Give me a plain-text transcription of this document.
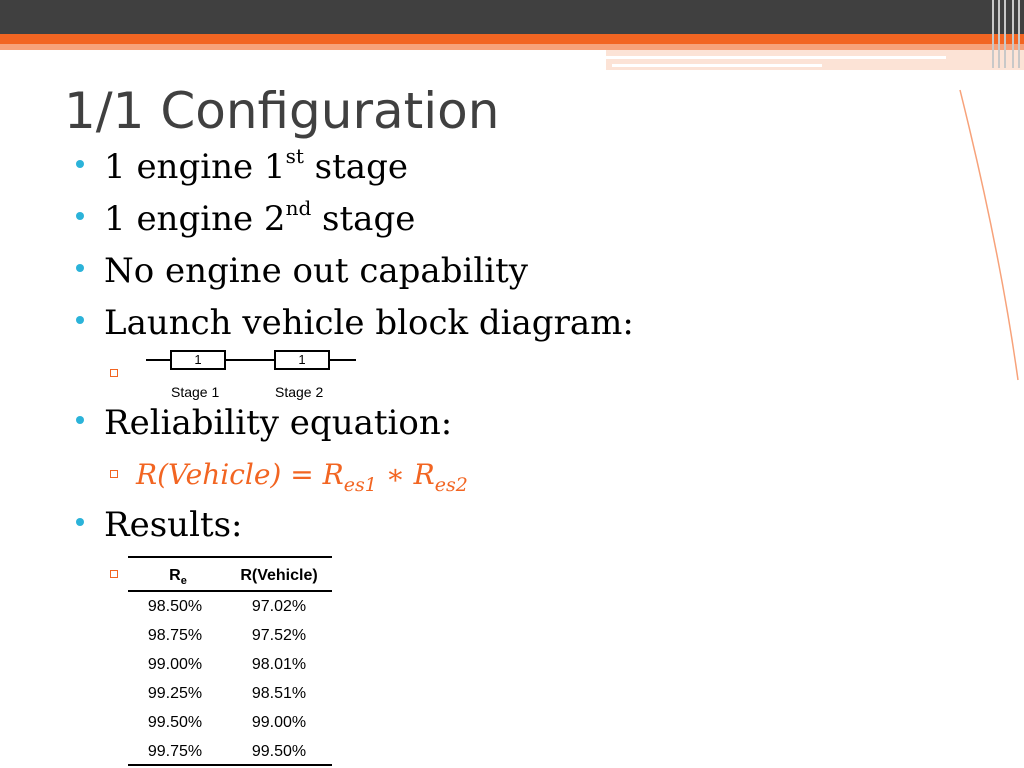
1/1 Configuration
1 engine 1st stage
1 engine 2nd stage
No engine out capability
Launch vehicle block diagram:
1	1
Stage 1	Stage 2
Reliability equation:
R(Vehicle) = $R_{es1}$ ∗ $R_{es2}$
Results:
$R_e$	R(Vehicle)
98.50%	97.02%
98.75%	97.52%
99.00%	98.01%
99.25%	98.51%
99.50%	99.00%
99.75%	99.50%
